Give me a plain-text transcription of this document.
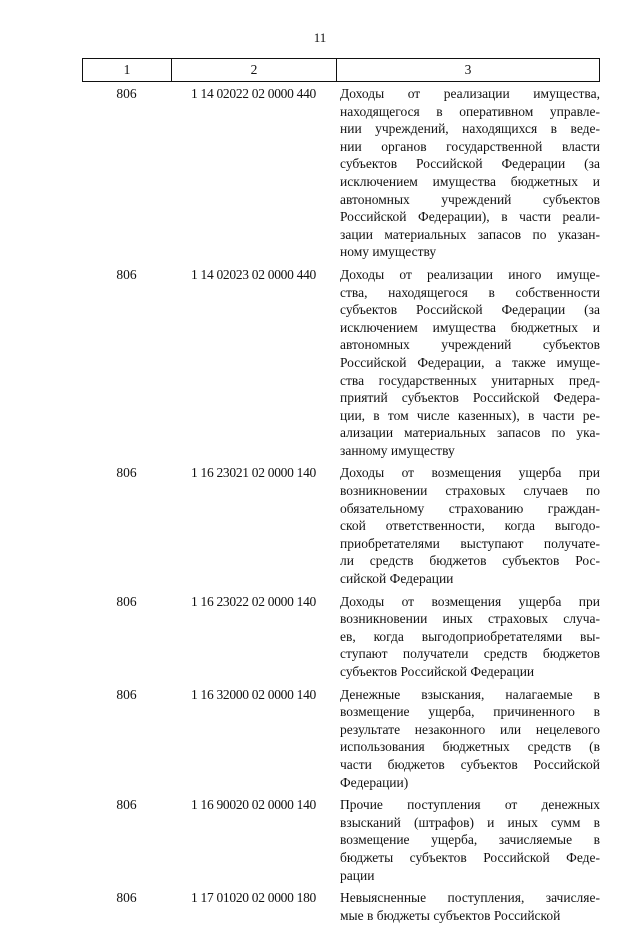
11
1	2	3
806	1 14 02022 02 0000 440	Доходы от реализации имущества,
находящегося в оперативном управле-
нии учреждений, находящихся в веде-
нии органов государственной власти
субъектов Российской Федерации (за
исключением имущества бюджетных и
автономных учреждений субъектов
Российской Федерации), в части реали-
зации материальных запасов по указан-
ному имуществу
806	1 14 02023 02 0000 440	Доходы от реализации иного имуще-
ства, находящегося в собственности
субъектов Российской Федерации (за
исключением имущества бюджетных и
автономных учреждений субъектов
Российской Федерации, а также имуще-
ства государственных унитарных пред-
приятий субъектов Российской Федера-
ции, в том числе казенных), в части ре-
ализации материальных запасов по ука-
занному имуществу
806	1 16 23021 02 0000 140	Доходы от возмещения ущерба при
возникновении страховых случаев по
обязательному страхованию граждан-
ской ответственности, когда выгодо-
приобретателями выступают получате-
ли средств бюджетов субъектов Рос-
сийской Федерации
806	1 16 23022 02 0000 140	Доходы от возмещения ущерба при
возникновении иных страховых случа-
ев, когда выгодоприобретателями вы-
ступают получатели средств бюджетов
субъектов Российской Федерации
806	1 16 32000 02 0000 140	Денежные взыскания, налагаемые в
возмещение ущерба, причиненного в
результате незаконного или нецелевого
использования бюджетных средств (в
части бюджетов субъектов Российской
Федерации)
806	1 16 90020 02 0000 140	Прочие поступления от денежных
взысканий (штрафов) и иных сумм в
возмещение ущерба, зачисляемые в
бюджеты субъектов Российской Феде-
рации
806	1 17 01020 02 0000 180	Невыясненные поступления, зачисляе-
мые в бюджеты субъектов Российской
